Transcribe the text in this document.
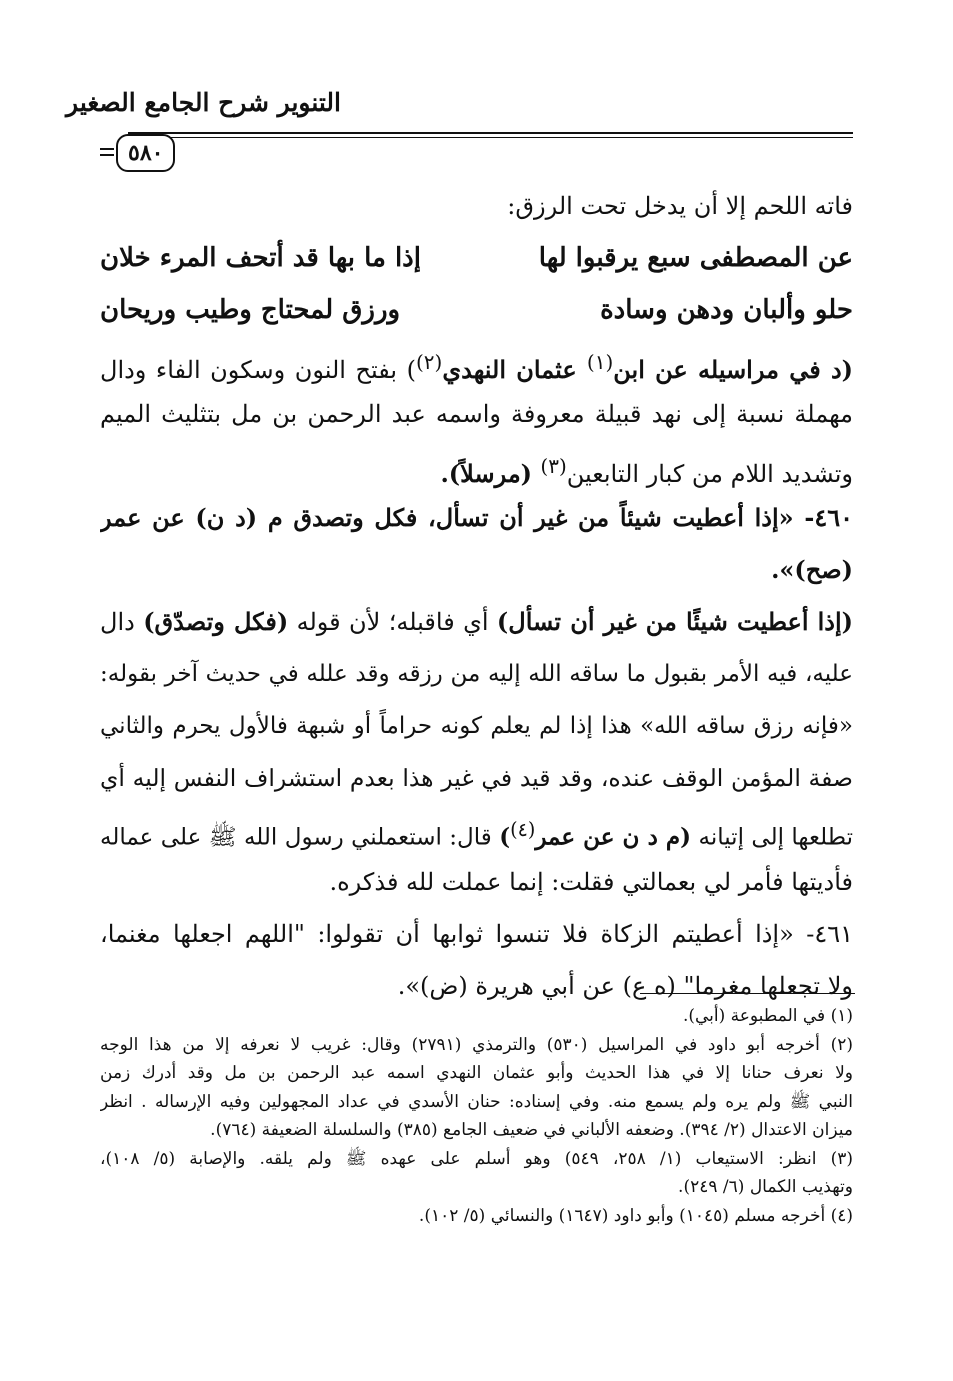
التنوير شرح الجامع الصغير
٥٨٠
فاته اللحم إلا أن يدخل تحت الرزق:
عن المصطفى سبع يرقبوا لها
إذا ما بها قد أتحف المرء خلان
حلو وألبان ودهن وسادة
ورزق لمحتاج وطيب وريحان
(د في مراسيله عن ابن$^{(١)}$ عثمان النهدي$^{(٢)}$) بفتح النون وسكون الفاء ودال
مهملة نسبة إلى نهد قبيلة معروفة واسمه عبد الرحمن بن مل بتثليث الميم
وتشديد اللام من كبار التابعين$^{(٣)}$ (مرسلاً).
٤٦٠- «إذا أعطيت شيئاً من غير أن تسأل، فكل وتصدق م (د ن) عن عمر
(صح)».
(إذا أعطيت شيئًا من غير أن تسأل) أي فاقبله؛ لأن قوله (فكل وتصدّق) دال
عليه، فيه الأمر بقبول ما ساقه الله إليه من رزقه وقد علله في حديث آخر بقوله:
«فإنه رزق ساقه الله» هذا إذا لم يعلم كونه حراماً أو شبهة فالأول يحرم والثاني
صفة المؤمن الوقف عنده، وقد قيد في غير هذا بعدم استشراف النفس إليه أي
تطلعها إلى إتيانه (م د ن عن عمر$^{(٤)}$) قال: استعملني رسول الله ﷺ على عماله
فأديتها فأمر لي بعمالتي فقلت: إنما عملت لله فذكره.
٤٦١- «إذا أعطيتم الزكاة فلا تنسوا ثوابها أن تقولوا: "اللهم اجعلها مغنما،
ولا تجعلها مغرما" (ه ع) عن أبي هريرة (ض)».
(١) في المطبوعة (أبي).
(٢) أخرجه أبو داود في المراسيل (٥٣٠) والترمذي (٢٧٩١) وقال: غريب لا نعرفه إلا من هذا الوجه
ولا نعرف حنانا إلا في هذا الحديث وأبو عثمان النهدي اسمه عبد الرحمن بن مل وقد أدرك زمن
النبي ﷺ ولم يره ولم يسمع منه. وفي إسناده: حنان الأسدي في عداد المجهولين وفيه الإرساله . انظر
ميزان الاعتدال (٢/ ٣٩٤). وضعفه الألباني في ضعيف الجامع (٣٨٥) والسلسلة الضعيفة (٧٦٤).
(٣) انظر: الاستيعاب (١/ ٢٥٨، ٥٤٩) وهو أسلم على عهده ﷺ ولم يلقه. والإصابة (٥/ ١٠٨)،
وتهذيب الكمال (٦/ ٢٤٩).
(٤) أخرجه مسلم (١٠٤٥) وأبو داود (١٦٤٧) والنسائي (٥/ ١٠٢).
